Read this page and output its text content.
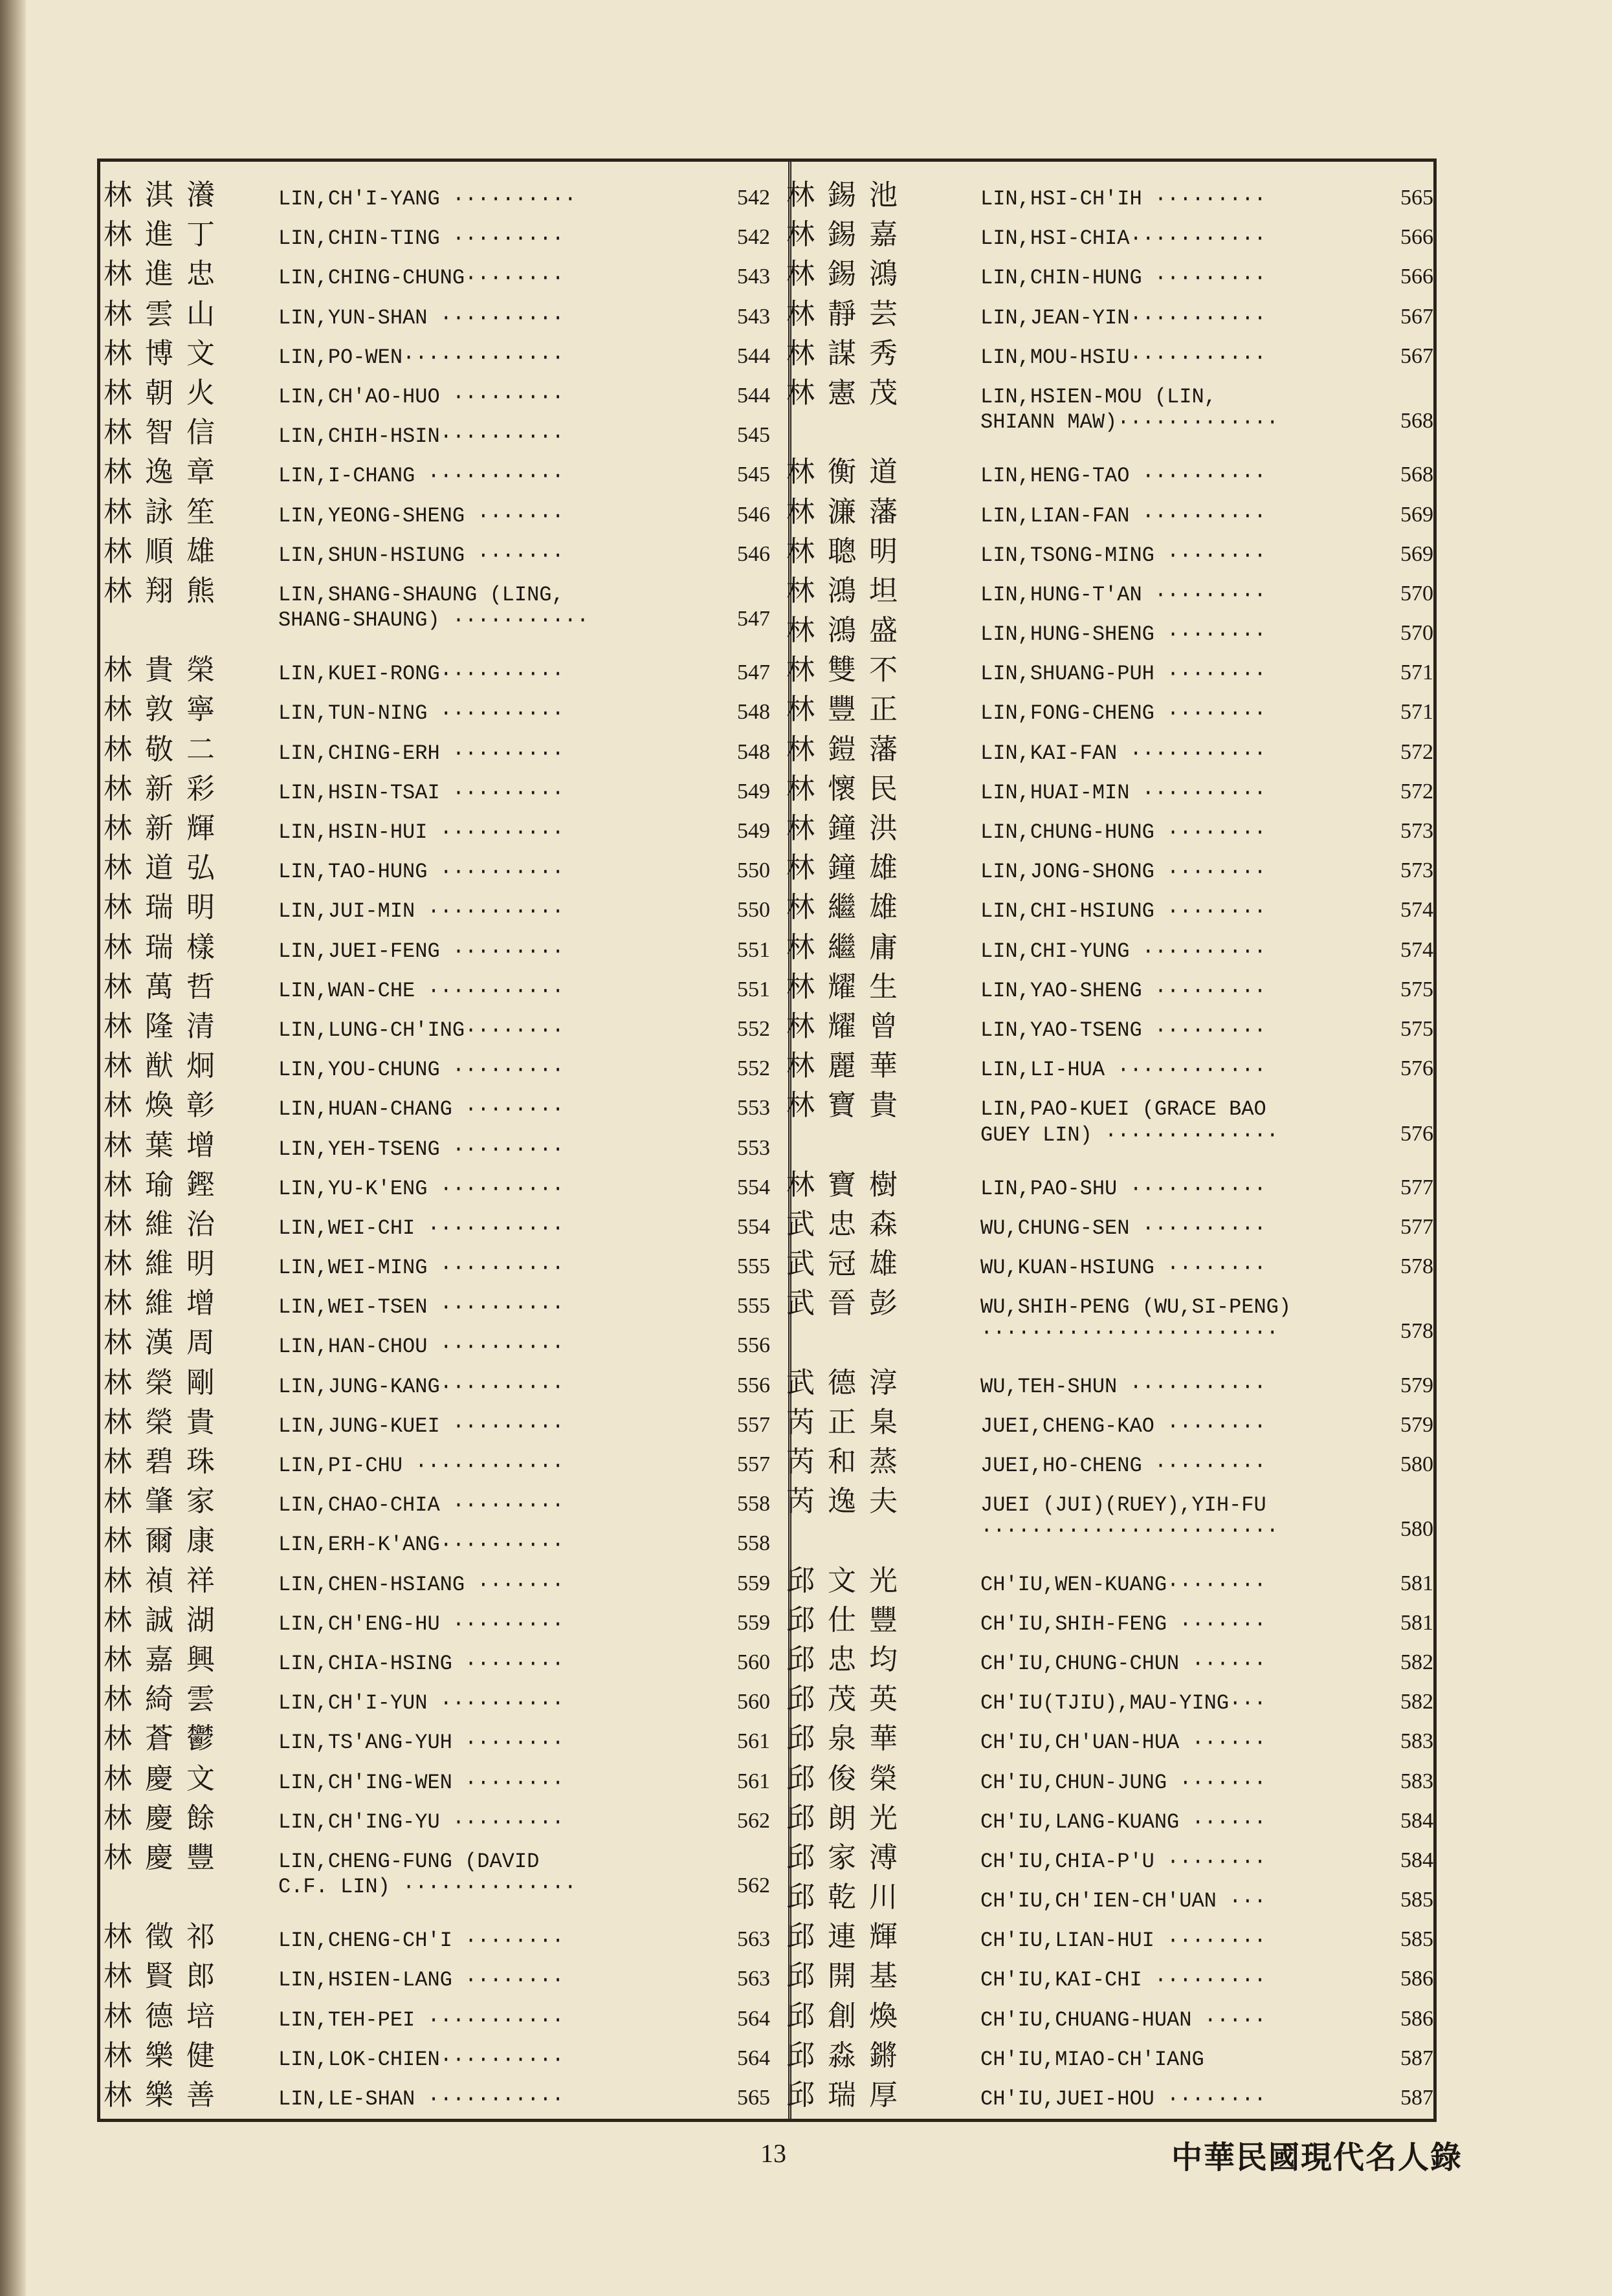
林淇瀁	LIN,CH'I-YANG ··········	542
林進丁	LIN,CHIN-TING ·········	542
林進忠	LIN,CHING-CHUNG········	543
林雲山	LIN,YUN-SHAN ··········	543
林博文	LIN,PO-WEN·············	544
林朝火	LIN,CH'AO-HUO ·········	544
林智信	LIN,CHIH-HSIN··········	545
林逸章	LIN,I-CHANG ···········	545
林詠笙	LIN,YEONG-SHENG ·······	546
林順雄	LIN,SHUN-HSIUNG ·······	546
林翔熊	LIN,SHANG-SHAUNG (LING,
SHANG-SHAUNG) ···········	547
林貴榮	LIN,KUEI-RONG··········	547
林敦寧	LIN,TUN-NING ··········	548
林敬二	LIN,CHING-ERH ·········	548
林新彩	LIN,HSIN-TSAI ·········	549
林新輝	LIN,HSIN-HUI ··········	549
林道弘	LIN,TAO-HUNG ··········	550
林瑞明	LIN,JUI-MIN ···········	550
林瑞樣	LIN,JUEI-FENG ·········	551
林萬哲	LIN,WAN-CHE ···········	551
林隆清	LIN,LUNG-CH'ING········	552
林猷炯	LIN,YOU-CHUNG ·········	552
林煥彰	LIN,HUAN-CHANG ········	553
林葉增	LIN,YEH-TSENG ·········	553
林瑜鏗	LIN,YU-K'ENG ··········	554
林維治	LIN,WEI-CHI ···········	554
林維明	LIN,WEI-MING ··········	555
林維增	LIN,WEI-TSEN ··········	555
林漢周	LIN,HAN-CHOU ··········	556
林榮剛	LIN,JUNG-KANG··········	556
林榮貴	LIN,JUNG-KUEI ·········	557
林碧珠	LIN,PI-CHU ············	557
林肇家	LIN,CHAO-CHIA ·········	558
林爾康	LIN,ERH-K'ANG··········	558
林禎祥	LIN,CHEN-HSIANG ·······	559
林誠湖	LIN,CH'ENG-HU ·········	559
林嘉興	LIN,CHIA-HSING ········	560
林綺雲	LIN,CH'I-YUN ··········	560
林蒼鬱	LIN,TS'ANG-YUH ········	561
林慶文	LIN,CH'ING-WEN ········	561
林慶餘	LIN,CH'ING-YU ·········	562
林慶豐	LIN,CHENG-FUNG (DAVID
C.F. LIN) ··············	562
林徵祁	LIN,CHENG-CH'I ········	563
林賢郎	LIN,HSIEN-LANG ········	563
林德培	LIN,TEH-PEI ···········	564
林樂健	LIN,LOK-CHIEN··········	564
林樂善	LIN,LE-SHAN ···········	565
林錫池	LIN,HSI-CH'IH ·········	565
林錫嘉	LIN,HSI-CHIA···········	566
林錫鴻	LIN,CHIN-HUNG ·········	566
林靜芸	LIN,JEAN-YIN···········	567
林謀秀	LIN,MOU-HSIU···········	567
林憲茂	LIN,HSIEN-MOU (LIN,
SHIANN MAW)·············	568
林衡道	LIN,HENG-TAO ··········	568
林濂藩	LIN,LIAN-FAN ··········	569
林聰明	LIN,TSONG-MING ········	569
林鴻坦	LIN,HUNG-T'AN ·········	570
林鴻盛	LIN,HUNG-SHENG ········	570
林雙不	LIN,SHUANG-PUH ········	571
林豐正	LIN,FONG-CHENG ········	571
林鎧藩	LIN,KAI-FAN ···········	572
林懷民	LIN,HUAI-MIN ··········	572
林鐘洪	LIN,CHUNG-HUNG ········	573
林鐘雄	LIN,JONG-SHONG ········	573
林繼雄	LIN,CHI-HSIUNG ········	574
林繼庸	LIN,CHI-YUNG ··········	574
林耀生	LIN,YAO-SHENG ·········	575
林耀曾	LIN,YAO-TSENG ·········	575
林麗華	LIN,LI-HUA ············	576
林寶貴	LIN,PAO-KUEI (GRACE BAO
GUEY LIN) ··············	576
林寶樹	LIN,PAO-SHU ···········	577
武忠森	WU,CHUNG-SEN ··········	577
武冠雄	WU,KUAN-HSIUNG ········	578
武晉彭	WU,SHIH-PENG (WU,SI-PENG)
························	578
武德淳	WU,TEH-SHUN ···········	579
芮正臬	JUEI,CHENG-KAO ········	579
芮和蒸	JUEI,HO-CHENG ·········	580
芮逸夫	JUEI (JUI)(RUEY),YIH-FU
························	580
邱文光	CH'IU,WEN-KUANG········	581
邱仕豐	CH'IU,SHIH-FENG ·······	581
邱忠均	CH'IU,CHUNG-CHUN ······	582
邱茂英	CH'IU(TJIU),MAU-YING···	582
邱泉華	CH'IU,CH'UAN-HUA ······	583
邱俊榮	CH'IU,CHUN-JUNG ·······	583
邱朗光	CH'IU,LANG-KUANG ······	584
邱家溥	CH'IU,CHIA-P'U ········	584
邱乾川	CH'IU,CH'IEN-CH'UAN ···	585
邱連輝	CH'IU,LIAN-HUI ········	585
邱開基	CH'IU,KAI-CHI ·········	586
邱創煥	CH'IU,CHUANG-HUAN ·····	586
邱淼鏘	CH'IU,MIAO-CH'IANG	587
邱瑞厚	CH'IU,JUEI-HOU ········	587
13	中華民國現代名人錄
